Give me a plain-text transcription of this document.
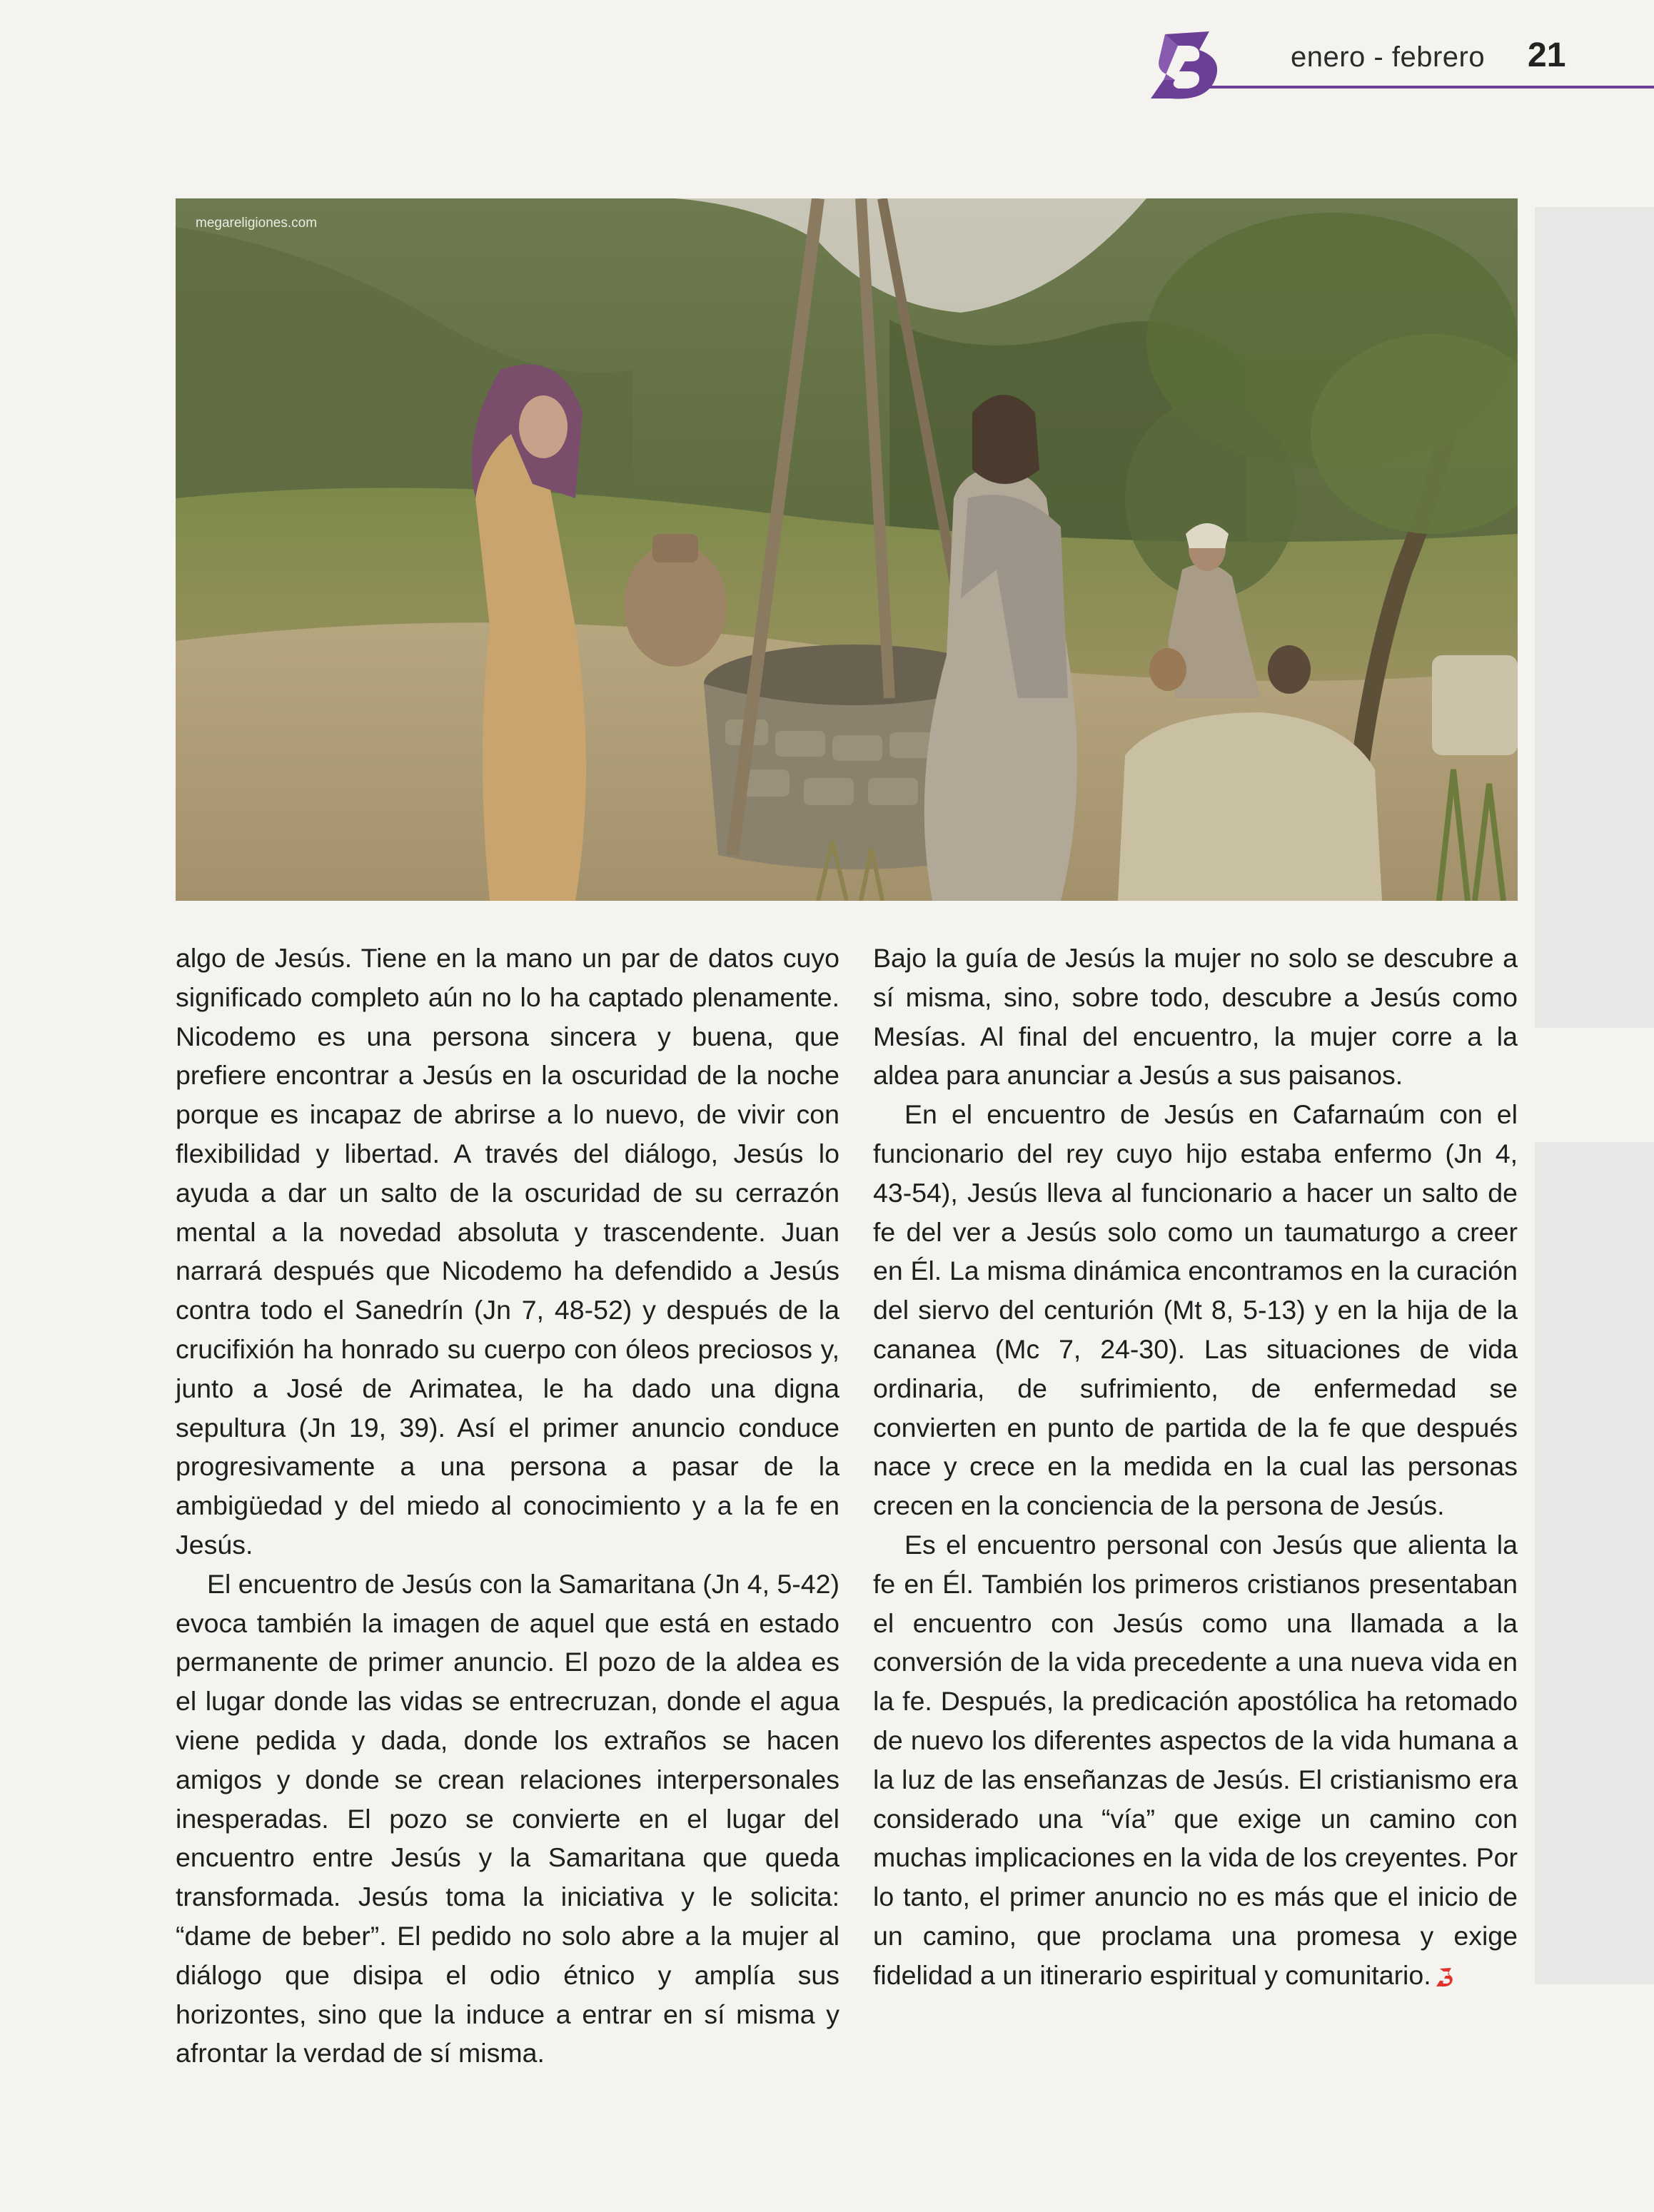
enero - febrero 21
megareligiones.com

algo de Jesús. Tiene en la mano un par de datos cuyo significado completo aún no lo ha captado plenamente. Nicodemo es una persona sincera y buena, que prefiere encontrar a Jesús en la oscuridad de la noche porque es incapaz de abrirse a lo nuevo, de vivir con flexibilidad y libertad. A través del diálogo, Jesús lo ayuda a dar un salto de la oscuridad de su cerrazón mental a la novedad absoluta y trascendente. Juan narrará después que Nicodemo ha defendido a Jesús contra todo el Sanedrín (Jn 7, 48-52) y después de la crucifixión ha honrado su cuerpo con óleos preciosos y, junto a José de Arimatea, le ha dado una digna sepultura (Jn 19, 39). Así el primer anuncio conduce progresivamente a una persona a pasar de la ambigüedad y del miedo al conocimiento y a la fe en Jesús.

El encuentro de Jesús con la Samaritana (Jn 4, 5-42) evoca también la imagen de aquel que está en estado permanente de primer anuncio. El pozo de la aldea es el lugar donde las vidas se entrecruzan, donde el agua viene pedida y dada, donde los extraños se hacen amigos y donde se crean relaciones interpersonales inesperadas. El pozo se convierte en el lugar del encuentro entre Jesús y la Samaritana que queda transformada. Jesús toma la iniciativa y le solicita: “dame de beber”. El pedido no solo abre a la mujer al diálogo que disipa el odio étnico y amplía sus horizontes, sino que la induce a entrar en sí misma y afrontar la verdad de sí misma.

Bajo la guía de Jesús la mujer no solo se descubre a sí misma, sino, sobre todo, descubre a Jesús como Mesías. Al final del encuentro, la mujer corre a la aldea para anunciar a Jesús a sus paisanos.

En el encuentro de Jesús en Cafarnaúm con el funcionario del rey cuyo hijo estaba enfermo (Jn 4, 43-54), Jesús lleva al funcionario a hacer un salto de fe del ver a Jesús solo como un taumaturgo a creer en Él. La misma dinámica encontramos en la curación del siervo del centurión (Mt 8, 5-13) y en la hija de la cananea (Mc 7, 24-30). Las situaciones de vida ordinaria, de sufrimiento, de enfermedad se convierten en punto de partida de la fe que después nace y crece en la medida en la cual las personas crecen en la conciencia de la persona de Jesús.

Es el encuentro personal con Jesús que alienta la fe en Él. También los primeros cristianos presentaban el encuentro con Jesús como una llamada a la conversión de la vida precedente a una nueva vida en la fe. Después, la predicación apostólica ha retomado de nuevo los diferentes aspectos de la vida humana a la luz de las enseñanzas de Jesús. El cristianismo era considerado una “vía” que exige un camino con muchas implicaciones en la vida de los creyentes. Por lo tanto, el primer anuncio no es más que el inicio de un camino, que proclama una promesa y exige fidelidad a un itinerario espiritual y comunitario.
